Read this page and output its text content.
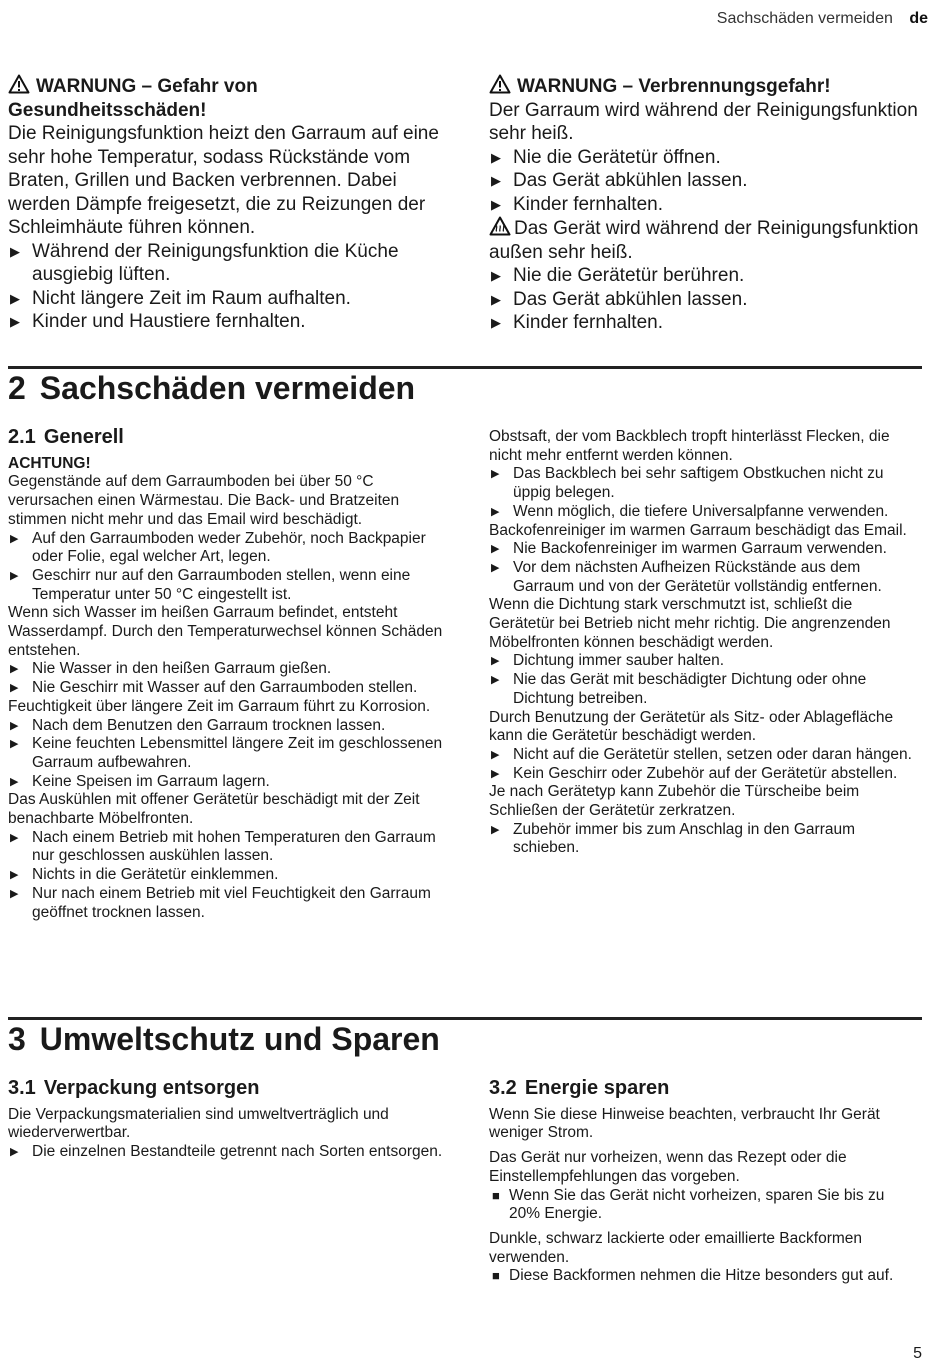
Sachschäden vermeiden de
WARNUNG – Gefahr von Gesundheitsschäden!

Die Reinigungsfunktion heizt den Garraum auf eine sehr hohe Temperatur, sodass Rückstände vom Braten, Grillen und Backen verbrennen. Dabei werden Dämpfe freigesetzt, die zu Reizungen der Schleimhäute führen können.

▶ Während der Reinigungsfunktion die Küche ausgiebig lüften.
▶ Nicht längere Zeit im Raum aufhalten.
▶ Kinder und Haustiere fernhalten.
WARNUNG – Verbrennungsgefahr!

Der Garraum wird während der Reinigungsfunktion sehr heiß.

▶ Nie die Gerätetür öffnen.
▶ Das Gerät abkühlen lassen.
▶ Kinder fernhalten.

Das Gerät wird während der Reinigungsfunktion außen sehr heiß.

▶ Nie die Gerätetür berühren.
▶ Das Gerät abkühlen lassen.
▶ Kinder fernhalten.
2 Sachschäden vermeiden
2.1 Generell
ACHTUNG!

Gegenstände auf dem Garraumboden bei über 50 °C verursachen einen Wärmestau. Die Back- und Bratzeiten stimmen nicht mehr und das Email wird beschädigt.

▶ Auf den Garraumboden weder Zubehör, noch Backpapier oder Folie, egal welcher Art, legen.
▶ Geschirr nur auf den Garraumboden stellen, wenn eine Temperatur unter 50 °C eingestellt ist.

Wenn sich Wasser im heißen Garraum befindet, entsteht Wasserdampf. Durch den Temperaturwechsel können Schäden entstehen.

▶ Nie Wasser in den heißen Garraum gießen.
▶ Nie Geschirr mit Wasser auf den Garraumboden stellen.

Feuchtigkeit über längere Zeit im Garraum führt zu Korrosion.

▶ Nach dem Benutzen den Garraum trocknen lassen.
▶ Keine feuchten Lebensmittel längere Zeit im geschlossenen Garraum aufbewahren.
▶ Keine Speisen im Garraum lagern.

Das Auskühlen mit offener Gerätetür beschädigt mit der Zeit benachbarte Möbelfronten.

▶ Nach einem Betrieb mit hohen Temperaturen den Garraum nur geschlossen auskühlen lassen.
▶ Nichts in die Gerätetür einklemmen.
▶ Nur nach einem Betrieb mit viel Feuchtigkeit den Garraum geöffnet trocknen lassen.

Obstsaft, der vom Backblech tropft hinterlässt Flecken, die nicht mehr entfernt werden können.

▶ Das Backblech bei sehr saftigem Obstkuchen nicht zu üppig belegen.
▶ Wenn möglich, die tiefere Universalpfanne verwenden.

Backofenreiniger im warmen Garraum beschädigt das Email.

▶ Nie Backofenreiniger im warmen Garraum verwenden.
▶ Vor dem nächsten Aufheizen Rückstände aus dem Garraum und von der Gerätetür vollständig entfernen.

Wenn die Dichtung stark verschmutzt ist, schließt die Gerätetür bei Betrieb nicht mehr richtig. Die angrenzenden Möbelfronten können beschädigt werden.

▶ Dichtung immer sauber halten.
▶ Nie das Gerät mit beschädigter Dichtung oder ohne Dichtung betreiben.

Durch Benutzung der Gerätetür als Sitz- oder Ablagefläche kann die Gerätetür beschädigt werden.

▶ Nicht auf die Gerätetür stellen, setzen oder daran hängen.
▶ Kein Geschirr oder Zubehör auf der Gerätetür abstellen.

Je nach Gerätetyp kann Zubehör die Türscheibe beim Schließen der Gerätetür zerkratzen.

▶ Zubehör immer bis zum Anschlag in den Garraum schieben.
3 Umweltschutz und Sparen
3.1 Verpackung entsorgen

Die Verpackungsmaterialien sind umweltverträglich und wiederverwertbar.

▶ Die einzelnen Bestandteile getrennt nach Sorten entsorgen.
3.2 Energie sparen

Wenn Sie diese Hinweise beachten, verbraucht Ihr Gerät weniger Strom.

Das Gerät nur vorheizen, wenn das Rezept oder die Einstellempfehlungen das vorgeben.

■ Wenn Sie das Gerät nicht vorheizen, sparen Sie bis zu 20% Energie.

Dunkle, schwarz lackierte oder emaillierte Backformen verwenden.

■ Diese Backformen nehmen die Hitze besonders gut auf.
5
